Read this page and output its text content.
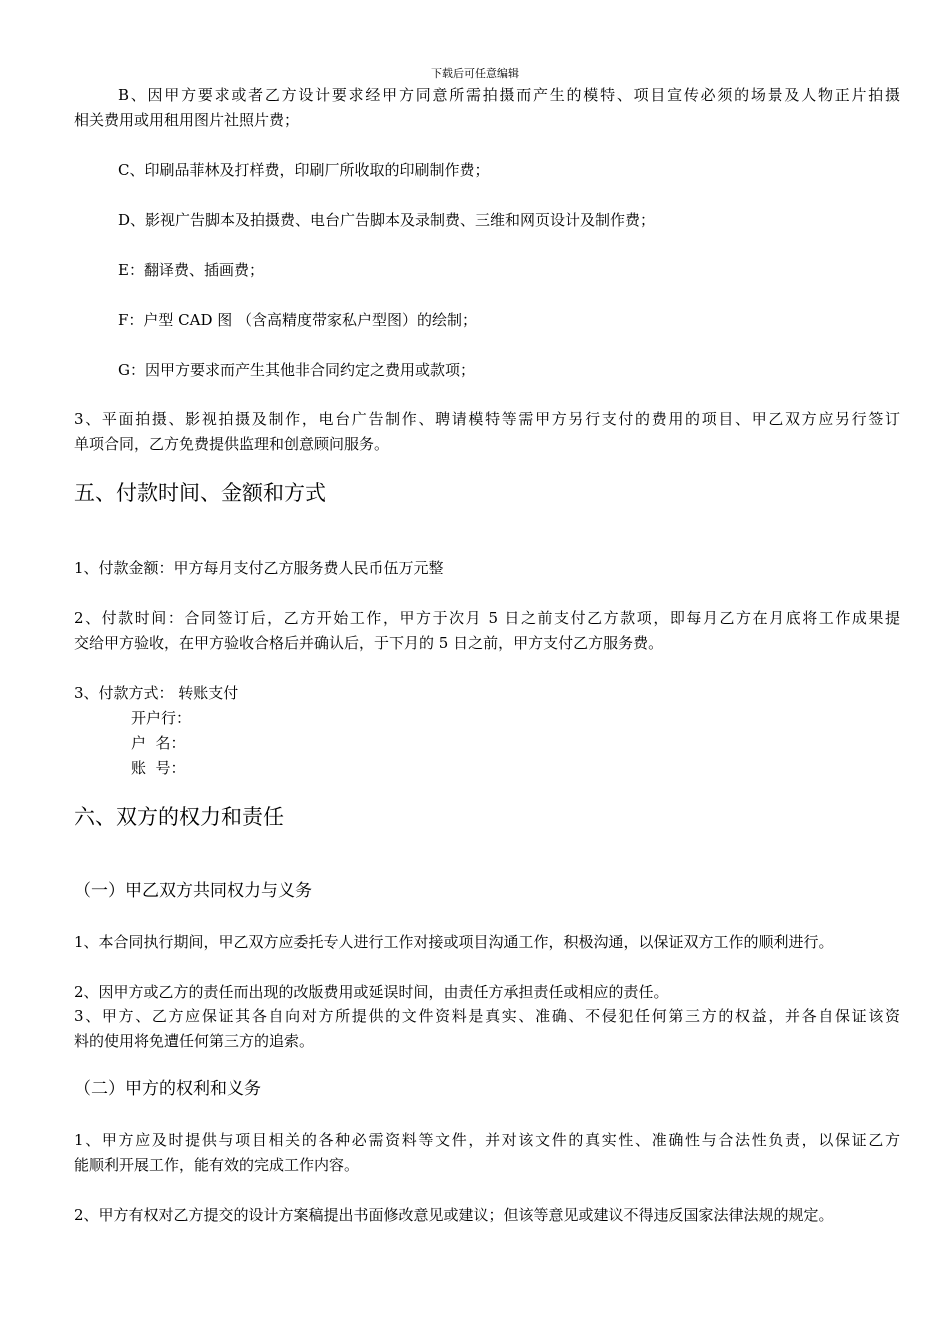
下载后可任意编辑
B、因甲方要求或者乙方设计要求经甲方同意所需拍摄而产生的模特、项目宣传必须的场景及人物正片拍摄
相关费用或用租用图片社照片费；
C、印刷品菲林及打样费，印刷厂所收取的印刷制作费；
D、影视广告脚本及拍摄费、电台广告脚本及录制费、三维和网页设计及制作费；
E：翻译费、插画费；
F：户型 CAD 图 （含高精度带家私户型图）的绘制；
G：因甲方要求而产生其他非合同约定之费用或款项；
3、平面拍摄、影视拍摄及制作，电台广告制作、聘请模特等需甲方另行支付的费用的项目、甲乙双方应另行签订
单项合同，乙方免费提供监理和创意顾问服务。
五、付款时间、金额和方式
1、付款金额：甲方每月支付乙方服务费人民币伍万元整
2、付款时间：合同签订后，乙方开始工作，甲方于次月 5 日之前支付乙方款项，即每月乙方在月底将工作成果提
交给甲方验收，在甲方验收合格后并确认后，于下月的 5 日之前，甲方支付乙方服务费。
3、付款方式： 转账支付
开户行：
户  名：
账  号：
六、双方的权力和责任
（一）甲乙双方共同权力与义务
1、本合同执行期间，甲乙双方应委托专人进行工作对接或项目沟通工作，积极沟通，以保证双方工作的顺利进行。
2、因甲方或乙方的责任而出现的改版费用或延误时间，由责任方承担责任或相应的责任。
3、甲方、乙方应保证其各自向对方所提供的文件资料是真实、准确、不侵犯任何第三方的权益，并各自保证该资
料的使用将免遭任何第三方的追索。
（二）甲方的权利和义务
1、甲方应及时提供与项目相关的各种必需资料等文件，并对该文件的真实性、准确性与合法性负责，以保证乙方
能顺利开展工作，能有效的完成工作内容。
2、甲方有权对乙方提交的设计方案稿提出书面修改意见或建议；但该等意见或建议不得违反国家法律法规的规定。
